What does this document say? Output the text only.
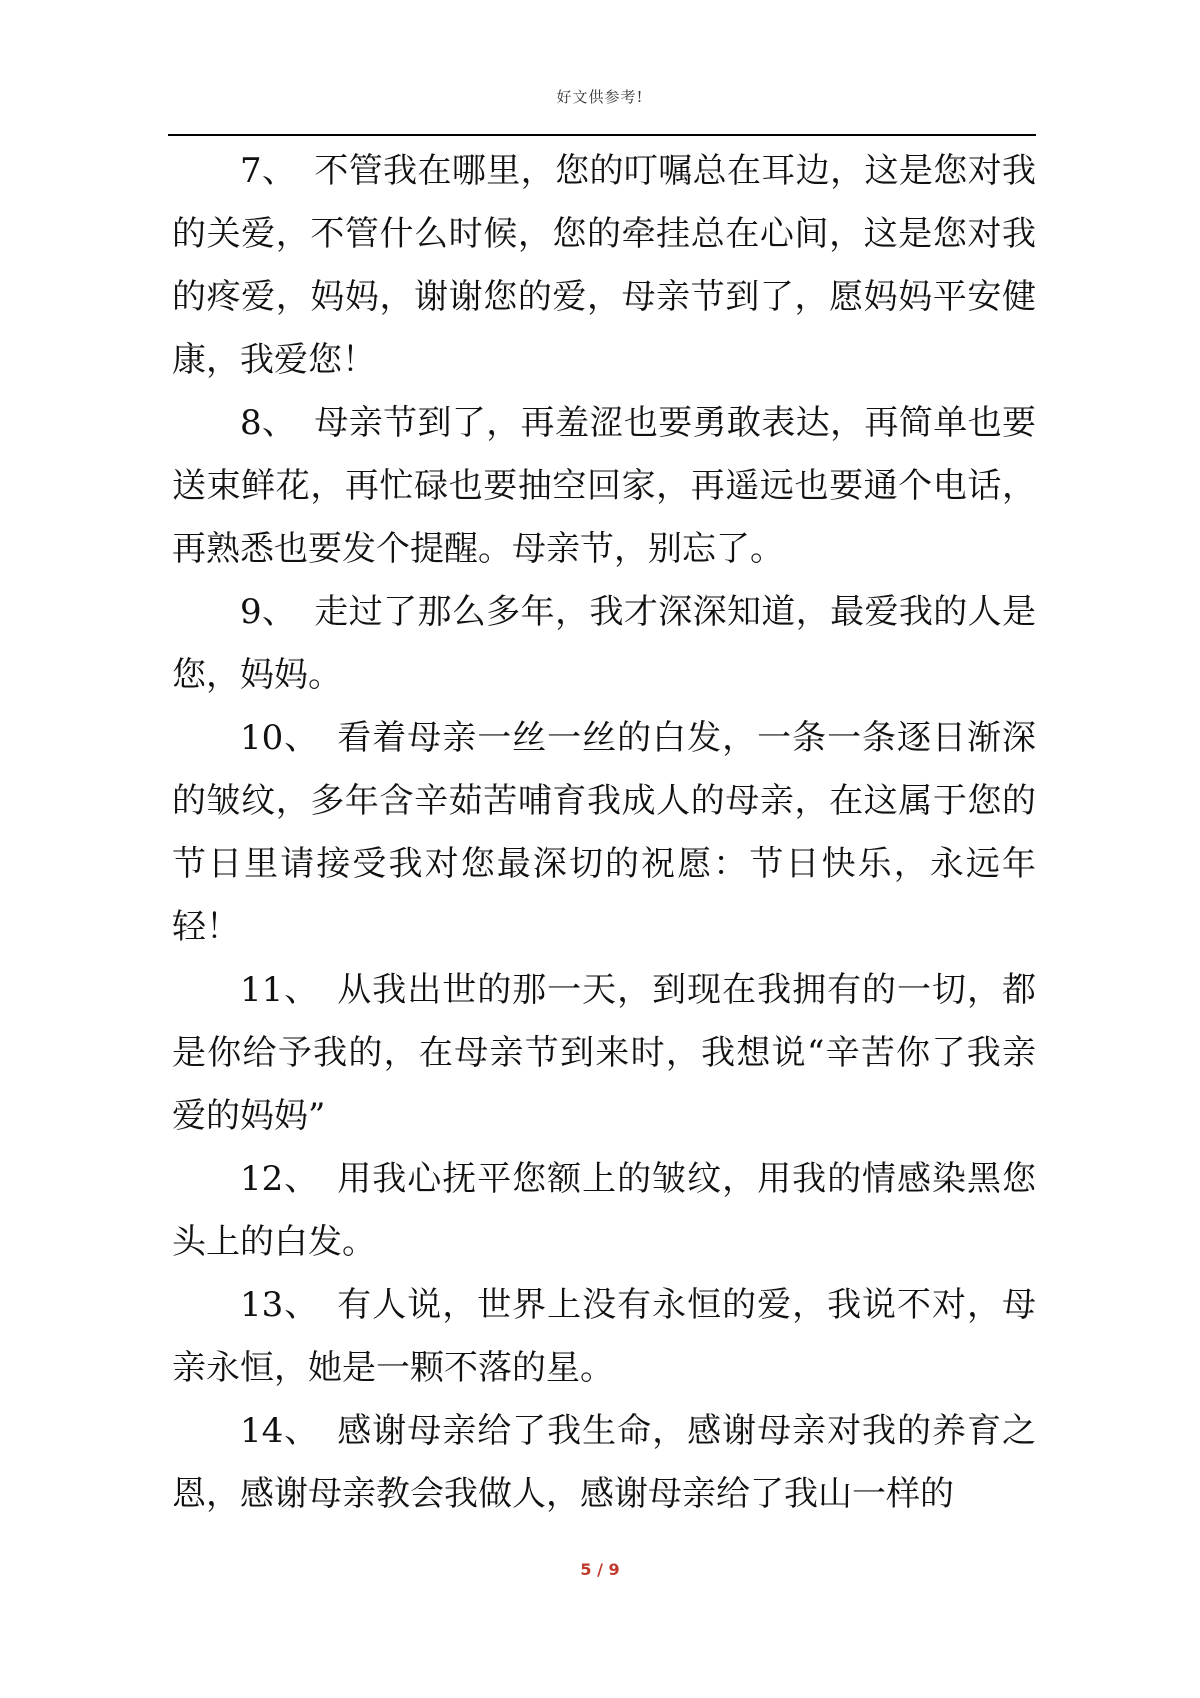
好文供参考!

7、 不管我在哪里，您的叮嘱总在耳边，这是您对我的关爱，不管什么时候，您的牵挂总在心间，这是您对我的疼爱，妈妈，谢谢您的爱，母亲节到了，愿妈妈平安健康，我爱您！

8、 母亲节到了，再羞涩也要勇敢表达，再简单也要送束鲜花，再忙碌也要抽空回家，再遥远也要通个电话，再熟悉也要发个提醒。母亲节，别忘了。

9、 走过了那么多年，我才深深知道，最爱我的人是您，妈妈。

10、 看着母亲一丝一丝的白发，一条一条逐日渐深的皱纹，多年含辛茹苦哺育我成人的母亲，在这属于您的节日里请接受我对您最深切的祝愿：节日快乐，永远年轻！

11、 从我出世的那一天，到现在我拥有的一切，都是你给予我的，在母亲节到来时，我想说“辛苦你了我亲爱的妈妈”

12、 用我心抚平您额上的皱纹，用我的情感染黑您头上的白发。

13、 有人说，世界上没有永恒的爱，我说不对，母亲永恒，她是一颗不落的星。

14、 感谢母亲给了我生命，感谢母亲对我的养育之恩，感谢母亲教会我做人，感谢母亲给了我山一样的

5 / 9
